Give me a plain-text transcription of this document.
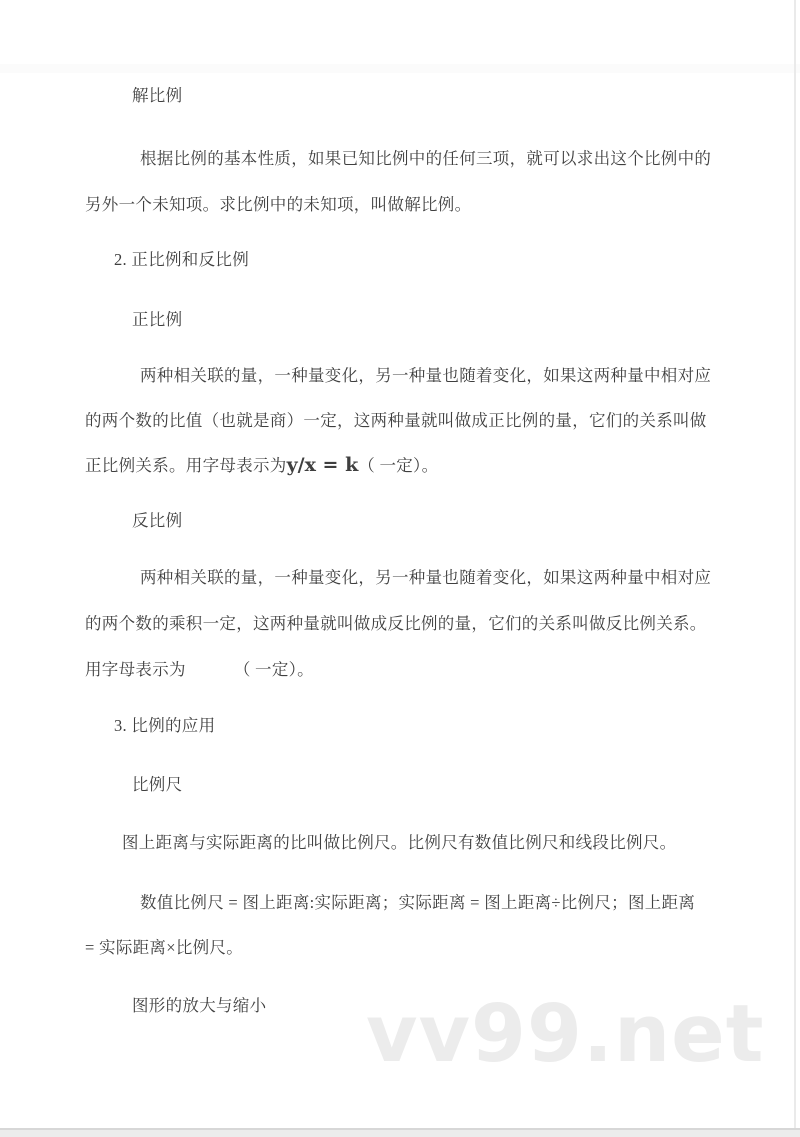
vv99.net
解比例
根据比例的基本性质，如果已知比例中的任何三项，就可以求出这个比例中的
另外一个未知项。求比例中的未知项，叫做解比例。
2. 正比例和反比例
正比例
两种相关联的量，一种量变化，另一种量也随着变化，如果这两种量中相对应
的两个数的比值（也就是商）一定，这两种量就叫做成正比例的量，它们的关系叫做
正比例关系。用字母表示为y/x = k（ 一定）。
反比例
两种相关联的量，一种量变化，另一种量也随着变化，如果这两种量中相对应
的两个数的乘积一定，这两种量就叫做成反比例的量，它们的关系叫做反比例关系。
用字母表示为	（ 一定）。
3. 比例的应用
比例尺
图上距离与实际距离的比叫做比例尺。比例尺有数值比例尺和线段比例尺。
数值比例尺 = 图上距离:实际距离；实际距离 = 图上距离÷比例尺；图上距离
= 实际距离×比例尺。
图形的放大与缩小
